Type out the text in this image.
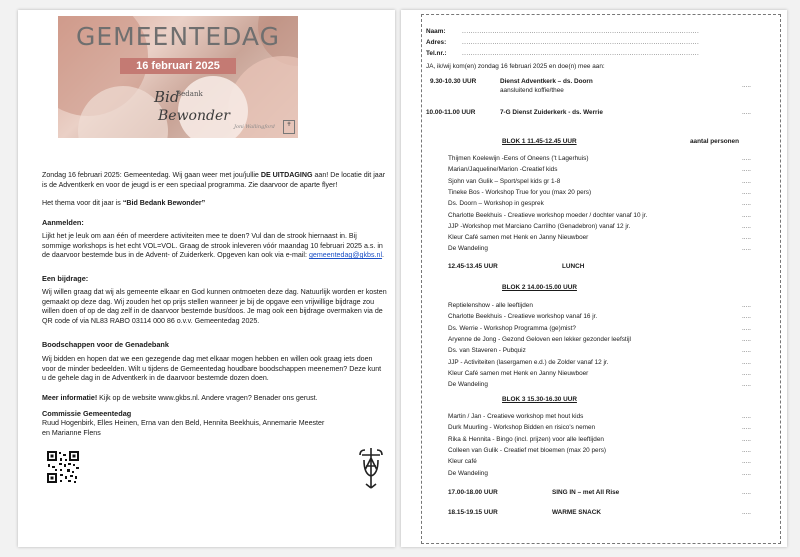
GEMEENTEDAG
16 februari 2025
Bid
Bedank
Bewonder
Joni Wallingford	✝

Zondag 16 februari 2025: Gemeentedag. Wij gaan weer met jou/jullie DE UITDAGING aan! De locatie dit jaar is de Adventkerk en voor de jeugd is er een speciaal programma. Zie daarvoor de aparte flyer!

Het thema voor dit jaar is “Bid Bedank Bewonder”

Aanmelden:

Lijkt het je leuk om aan één of meerdere activiteiten mee te doen? Vul dan de strook hiernaast in. Bij sommige workshops is het echt VOL=VOL. Graag de strook inleveren vóór maandag 10 februari 2025 a.s. in de daarvoor bestemde bus in de Advent- of Zuiderkerk. Opgeven kan ook via e-mail: gemeentedag@gkbs.nl.

Een bijdrage:

Wij willen graag dat wij als gemeente elkaar en God kunnen ontmoeten deze dag. Natuurlijk worden er kosten gemaakt op deze dag. Wij zouden het op prijs stellen wanneer je bij de opgave een vrijwillige bijdrage zou willen doen of op de dag zelf in de daarvoor bestemde bus/doos. Je mag ook een bijdrage overmaken via de QR code of via NL83 RABO 03114 000 86 o.v.v. Gemeentedag 2025.

Boodschappen voor de Genadebank

Wij bidden en hopen dat we een gezegende dag met elkaar mogen hebben en willen ook graag iets doen voor de minder bedeelden. Wilt u tijdens de Gemeentedag houdbare boodschappen meenemen? Deze kunt u de gehele dag in de Adventkerk in de daarvoor bestemde dozen doen.

Meer informatie! Kijk op de website www.gkbs.nl. Andere vragen? Benader ons gerust.

Commissie Gemeentedag

Ruud Hogenbirk, Elles Heinen, Erna van den Beld, Hennita Beekhuis, Annemarie Meester
en Marianne Flens

Naam:	.............................................................................................................

Adres: .............................................................................................................

Tel.nr.: .............................................................................................................

JA, ik/wij kom(en) zondag 16 februari 2025 en doe(n) mee aan:

9.30-10.30 UUR	Dienst Adventkerk – ds. Doorn

aansluitend koffie/thee

.....

10.00-11.00 UUR	7-G Dienst Zuiderkerk - ds. Werrie	.....

BLOK 1 11.45-12.45 UUR	aantal personen

Thijmen Koelewijn -Eens of Oneens ('t Lagerhuis)	.....

Marian/Jaqueline/Marion -Creatief kids	.....

Sjohn van Gulik – Sport/spel kids gr 1-8	.....

Tineke Bos - Workshop True for you (max 20 pers)	.....

Ds. Doorn – Workshop in gesprek	.....

Charlotte Beekhuis - Creatieve workshop moeder / dochter vanaf 10 jr.	.....

JJP -Workshop met Marciano Carrilho (Genadebron) vanaf 12 jr.	.....

Kleur Café samen met Henk en Janny Nieuwboer	.....

De Wandeling	.....

12.45-13.45 UUR	LUNCH

BLOK 2 14.00-15.00 UUR

Reptielenshow - alle leeftijden	.....

Charlotte Beekhuis - Creatieve workshop vanaf 16 jr.	.....

Ds. Werrie - Workshop Programma (ge)mist?	.....

Aryenne de Jong - Gezond Geloven een lekker gezonder leefstijl	.....

Ds. van Staveren - Pubquiz	.....

JJP - Activiteiten (lasergamen e.d.) de Zolder vanaf 12 jr.	.....

Kleur Café samen met Henk en Janny Nieuwboer	.....

De Wandeling	.....

BLOK 3 15.30-16.30 UUR

Martin / Jan - Creatieve workshop met hout kids	.....

Durk Muurling - Workshop Bidden en risico's nemen	.....

Rika & Hennita - Bingo (incl. prijzen) voor alle leeftijden	.....

Colleen van Gulik - Creatief met bloemen (max 20 pers)	.....

Kleur café	.....

De Wandeling	.....

17.00-18.00 UUR	SING IN – met All Rise	.....

18.15-19.15 UUR	WARME SNACK	.....
